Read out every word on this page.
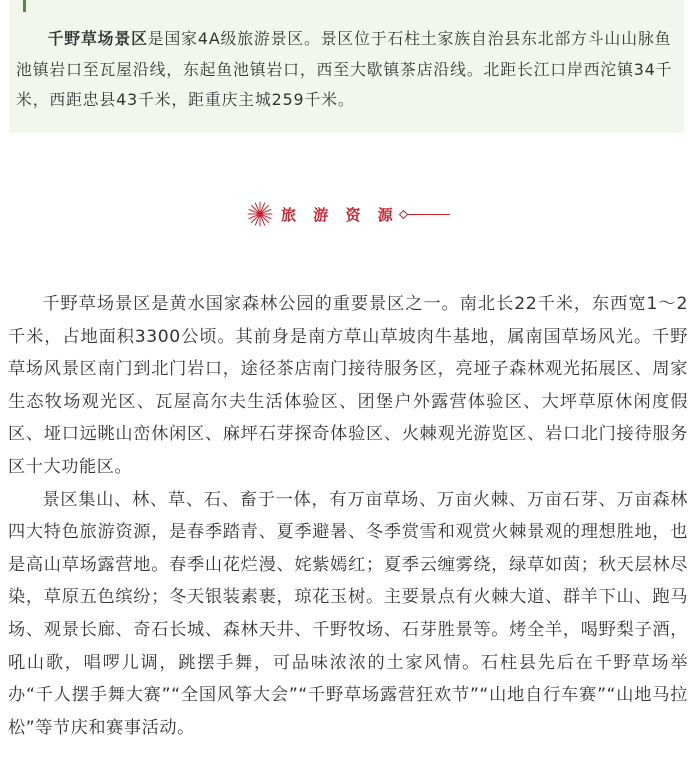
千野草场景区是国家4A级旅游景区。景区位于石柱土家族自治县东北部方斗山山脉鱼池镇岩口至瓦屋沿线，东起鱼池镇岩口，西至大歇镇茶店沿线。北距长江口岸西沱镇34千米，西距忠县43千米，距重庆主城259千米。

旅 游 资 源

千野草场景区是黄水国家森林公园的重要景区之一。南北长22千米，东西宽1～2千米，占地面积3300公顷。其前身是南方草山草坡肉牛基地，属南国草场风光。千野草场风景区南门到北门岩口，途径茶店南门接待服务区，亮垭子森林观光拓展区、周家生态牧场观光区、瓦屋高尔夫生活体验区、团堡户外露营体验区、大坪草原休闲度假区、垭口远眺山峦休闲区、麻坪石芽探奇体验区、火棘观光游览区、岩口北门接待服务区十大功能区。

景区集山、林、草、石、畜于一体，有万亩草场、万亩火棘、万亩石芽、万亩森林四大特色旅游资源，是春季踏青、夏季避暑、冬季赏雪和观赏火棘景观的理想胜地，也是高山草场露营地。春季山花烂漫、姹紫嫣红；夏季云缠雾绕，绿草如茵；秋天层林尽染，草原五色缤纷；冬天银装素裹，琼花玉树。主要景点有火棘大道、群羊下山、跑马场、观景长廊、奇石长城、森林天井、千野牧场、石芽胜景等。烤全羊，喝野梨子酒，吼山歌，唱啰儿调，跳摆手舞，可品味浓浓的土家风情。石柱县先后在千野草场举办“千人摆手舞大赛”“全国风筝大会”“千野草场露营狂欢节”“山地自行车赛”“山地马拉松”等节庆和赛事活动。
